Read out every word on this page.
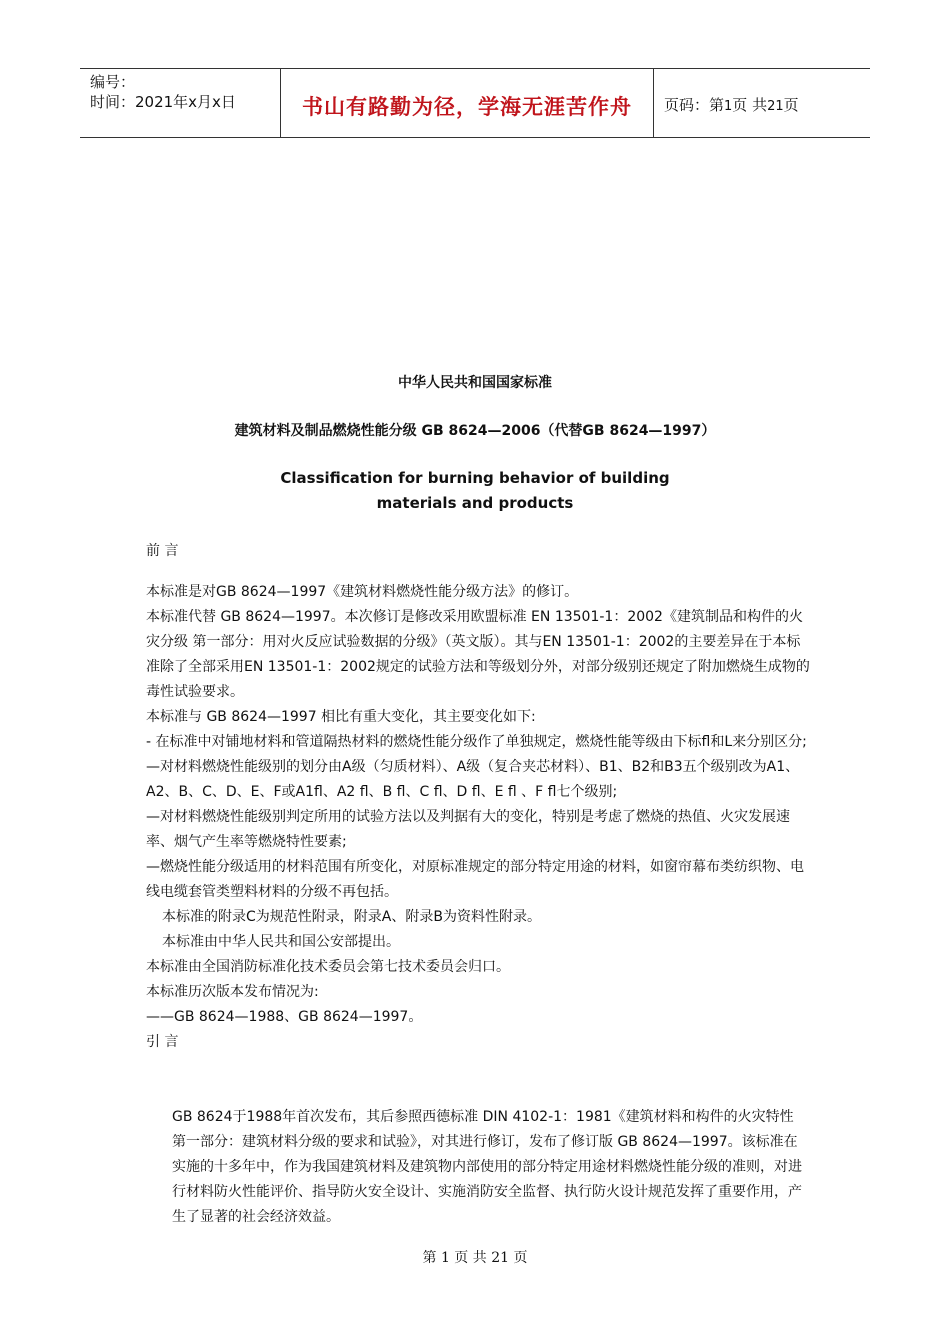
编号：
时间：2021年x月x日	书山有路勤为径，学海无涯苦作舟	页码：第1页 共21页
中华人民共和国国家标准
建筑材料及制品燃烧性能分级 GB 8624—2006（代替GB 8624—1997）
Classification for burning behavior of building
materials and products
前 言

本标准是对GB 8624—1997《建筑材料燃烧性能分级方法》的修订。

本标准代替 GB 8624—1997。本次修订是修改采用欧盟标准 EN 13501-1：2002《建筑制品和构件的火灾分级 第一部分：用对火反应试验数据的分级》（英文版）。其与EN 13501-1：2002的主要差异在于本标准除了全部采用EN 13501-1：2002规定的试验方法和等级划分外，对部分级别还规定了附加燃烧生成物的毒性试验要求。

本标准与 GB 8624—1997 相比有重大变化，其主要变化如下:

- 在标准中对铺地材料和管道隔热材料的燃烧性能分级作了单独规定，燃烧性能等级由下标fl和L来分别区分;

—对材料燃烧性能级别的划分由A级（匀质材料）、A级（复合夹芯材料）、B1、B2和B3五个级别改为A1、A2、B、C、D、E、F或A1fl、A2 fl、B fl、C fl、D fl、E fl 、F fl七个级别;

—对材料燃烧性能级别判定所用的试验方法以及判据有大的变化，特别是考虑了燃烧的热值、火灾发展速率、烟气产生率等燃烧特性要素;

—燃烧性能分级适用的材料范围有所变化，对原标准规定的部分特定用途的材料，如窗帘幕布类纺织物、电线电缆套管类塑料材料的分级不再包括。

本标准的附录C为规范性附录，附录A、附录B为资料性附录。

本标准由中华人民共和国公安部提出。

本标准由全国消防标准化技术委员会第七技术委员会归口。

本标准历次版本发布情况为:

——GB 8624—1988、GB 8624—1997。

引 言

GB 8624于1988年首次发布，其后参照西德标准 DIN 4102-1：1981《建筑材料和构件的火灾特性 第一部分：建筑材料分级的要求和试验》，对其进行修订，发布了修订版 GB 8624—1997。该标准在实施的十多年中，作为我国建筑材料及建筑物内部使用的部分特定用途材料燃烧性能分级的准则，对进行材料防火性能评价、指导防火安全设计、实施消防安全监督、执行防火设计规范发挥了重要作用，产生了显著的社会经济效益。

第 1 页 共 21 页
